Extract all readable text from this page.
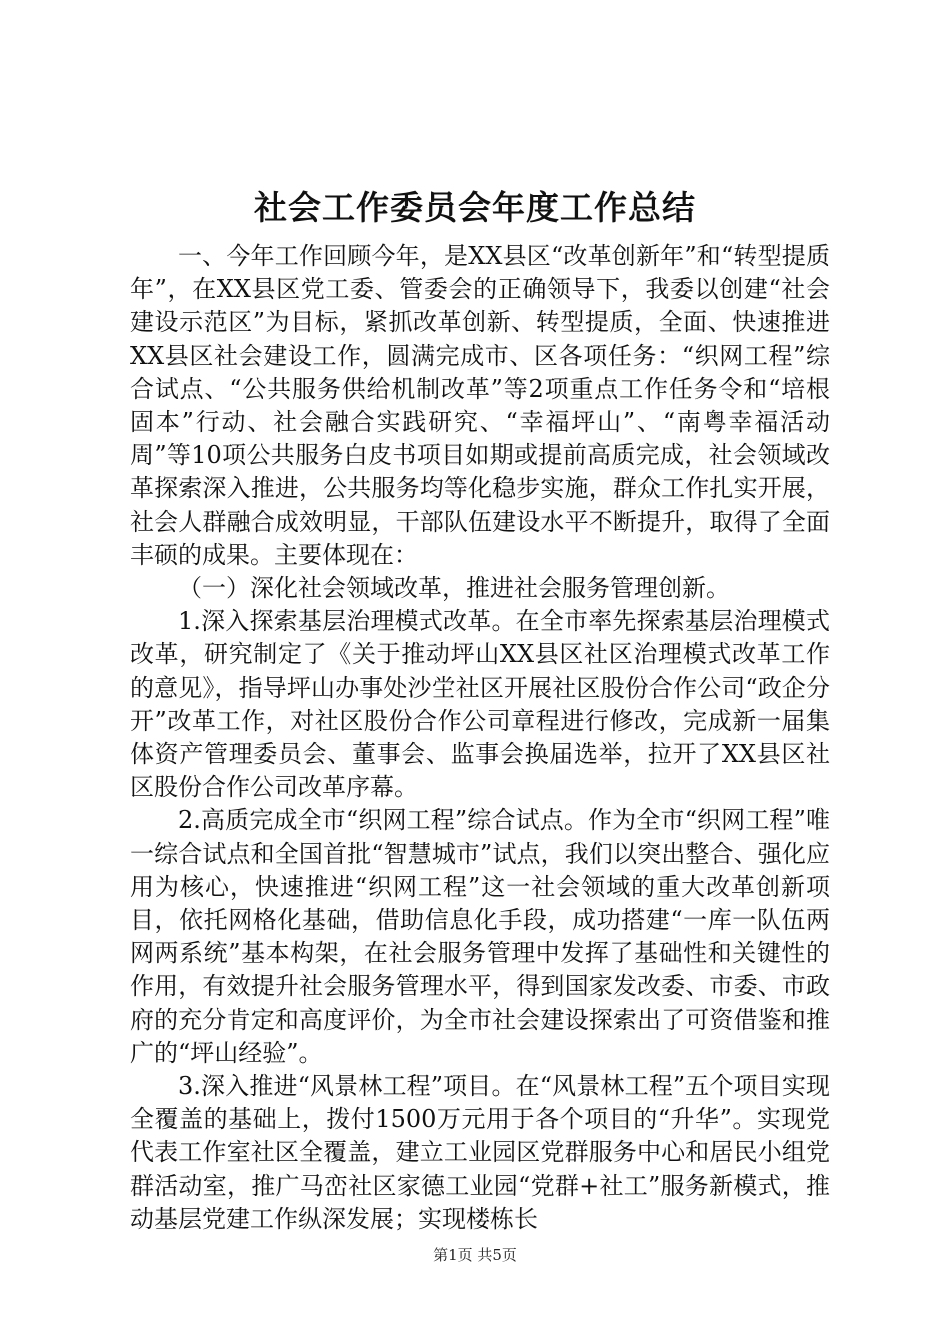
社会工作委员会年度工作总结

一、今年工作回顾今年，是XX县区“改革创新年”和“转型提质年”，在XX县区党工委、管委会的正确领导下，我委以创建“社会建设示范区”为目标，紧抓改革创新、转型提质，全面、快速推进XX县区社会建设工作，圆满完成市、区各项任务：“织网工程”综合试点、“公共服务供给机制改革”等2项重点工作任务令和“培根固本”行动、社会融合实践研究、“幸福坪山”、“南粤幸福活动周”等10项公共服务白皮书项目如期或提前高质完成，社会领域改革探索深入推进，公共服务均等化稳步实施，群众工作扎实开展，社会人群融合成效明显，干部队伍建设水平不断提升，取得了全面丰硕的成果。主要体现在：

（一）深化社会领域改革，推进社会服务管理创新。

1.深入探索基层治理模式改革。在全市率先探索基层治理模式改革，研究制定了《关于推动坪山XX县区社区治理模式改革工作的意见》，指导坪山办事处沙坣社区开展社区股份合作公司“政企分开”改革工作，对社区股份合作公司章程进行修改，完成新一届集体资产管理委员会、董事会、监事会换届选举，拉开了XX县区社区股份合作公司改革序幕。

2.高质完成全市“织网工程”综合试点。作为全市“织网工程”唯一综合试点和全国首批“智慧城市”试点，我们以突出整合、强化应用为核心，快速推进“织网工程”这一社会领域的重大改革创新项目，依托网格化基础，借助信息化手段，成功搭建“一库一队伍两网两系统”基本构架，在社会服务管理中发挥了基础性和关键性的作用，有效提升社会服务管理水平，得到国家发改委、市委、市政府的充分肯定和高度评价，为全市社会建设探索出了可资借鉴和推广的“坪山经验”。

3.深入推进“风景林工程”项目。在“风景林工程”五个项目实现全覆盖的基础上，拨付1500万元用于各个项目的“升华”。实现党代表工作室社区全覆盖，建立工业园区党群服务中心和居民小组党群活动室，推广马峦社区家德工业园“党群+社工”服务新模式，推动基层党建工作纵深发展；实现楼栋长

第1页 共5页
